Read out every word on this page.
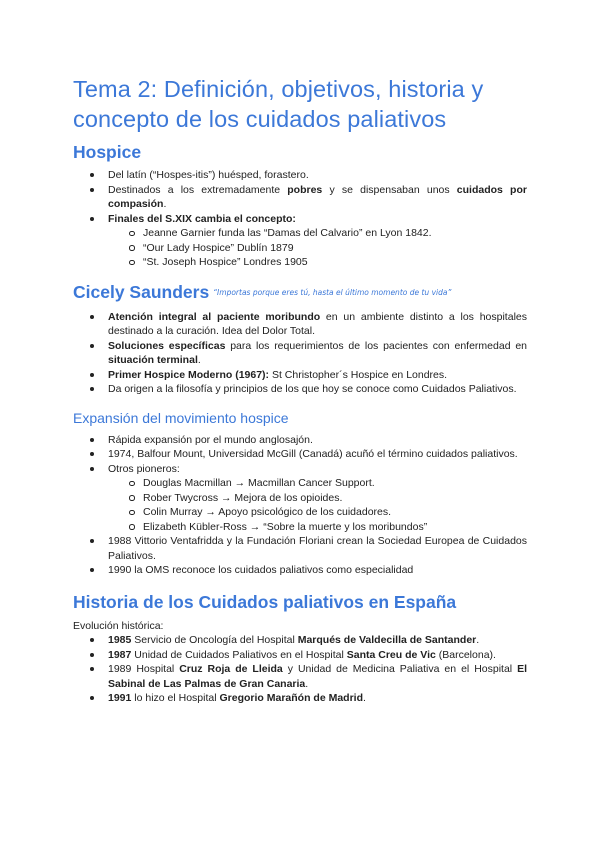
Tema 2: Definición, objetivos, historia y concepto de los cuidados paliativos
Hospice
Del latín (“Hospes-itis”) huésped, forastero.
Destinados a los extremadamente pobres y se dispensaban unos cuidados por compasión.
Finales del S.XIX cambia el concepto:
Jeanne Garnier funda las “Damas del Calvario” en Lyon 1842.
“Our Lady Hospice” Dublín 1879
“St. Joseph Hospice” Londres 1905
Cicely Saunders “Importas porque eres tú, hasta el último momento de tu vida”
Atención integral al paciente moribundo en un ambiente distinto a los hospitales destinado a la curación. Idea del Dolor Total.
Soluciones específicas para los requerimientos de los pacientes con enfermedad en situación terminal.
Primer Hospice Moderno (1967): St Christopher´s Hospice en Londres.
Da origen a la filosofía y principios de los que hoy se conoce como Cuidados Paliativos.
Expansión del movimiento hospice
Rápida expansión por el mundo anglosajón.
1974, Balfour Mount, Universidad McGill (Canadá) acuñó el término cuidados paliativos.
Otros pioneros:
Douglas Macmillan → Macmillan Cancer Support.
Rober Twycross → Mejora de los opioides.
Colin Murray → Apoyo psicológico de los cuidadores.
Elizabeth Kübler-Ross → “Sobre la muerte y los moribundos”
1988 Vittorio Ventafridda y la Fundación Floriani crean la Sociedad Europea de Cuidados Paliativos.
1990 la OMS reconoce los cuidados paliativos como especialidad
Historia de los Cuidados paliativos en España
Evolución histórica:
1985 Servicio de Oncología del Hospital Marqués de Valdecilla de Santander.
1987 Unidad de Cuidados Paliativos en el Hospital Santa Creu de Vic (Barcelona).
1989 Hospital Cruz Roja de Lleida y Unidad de Medicina Paliativa en el Hospital El Sabinal de Las Palmas de Gran Canaria.
1991 lo hizo el Hospital Gregorio Marañón de Madrid.
